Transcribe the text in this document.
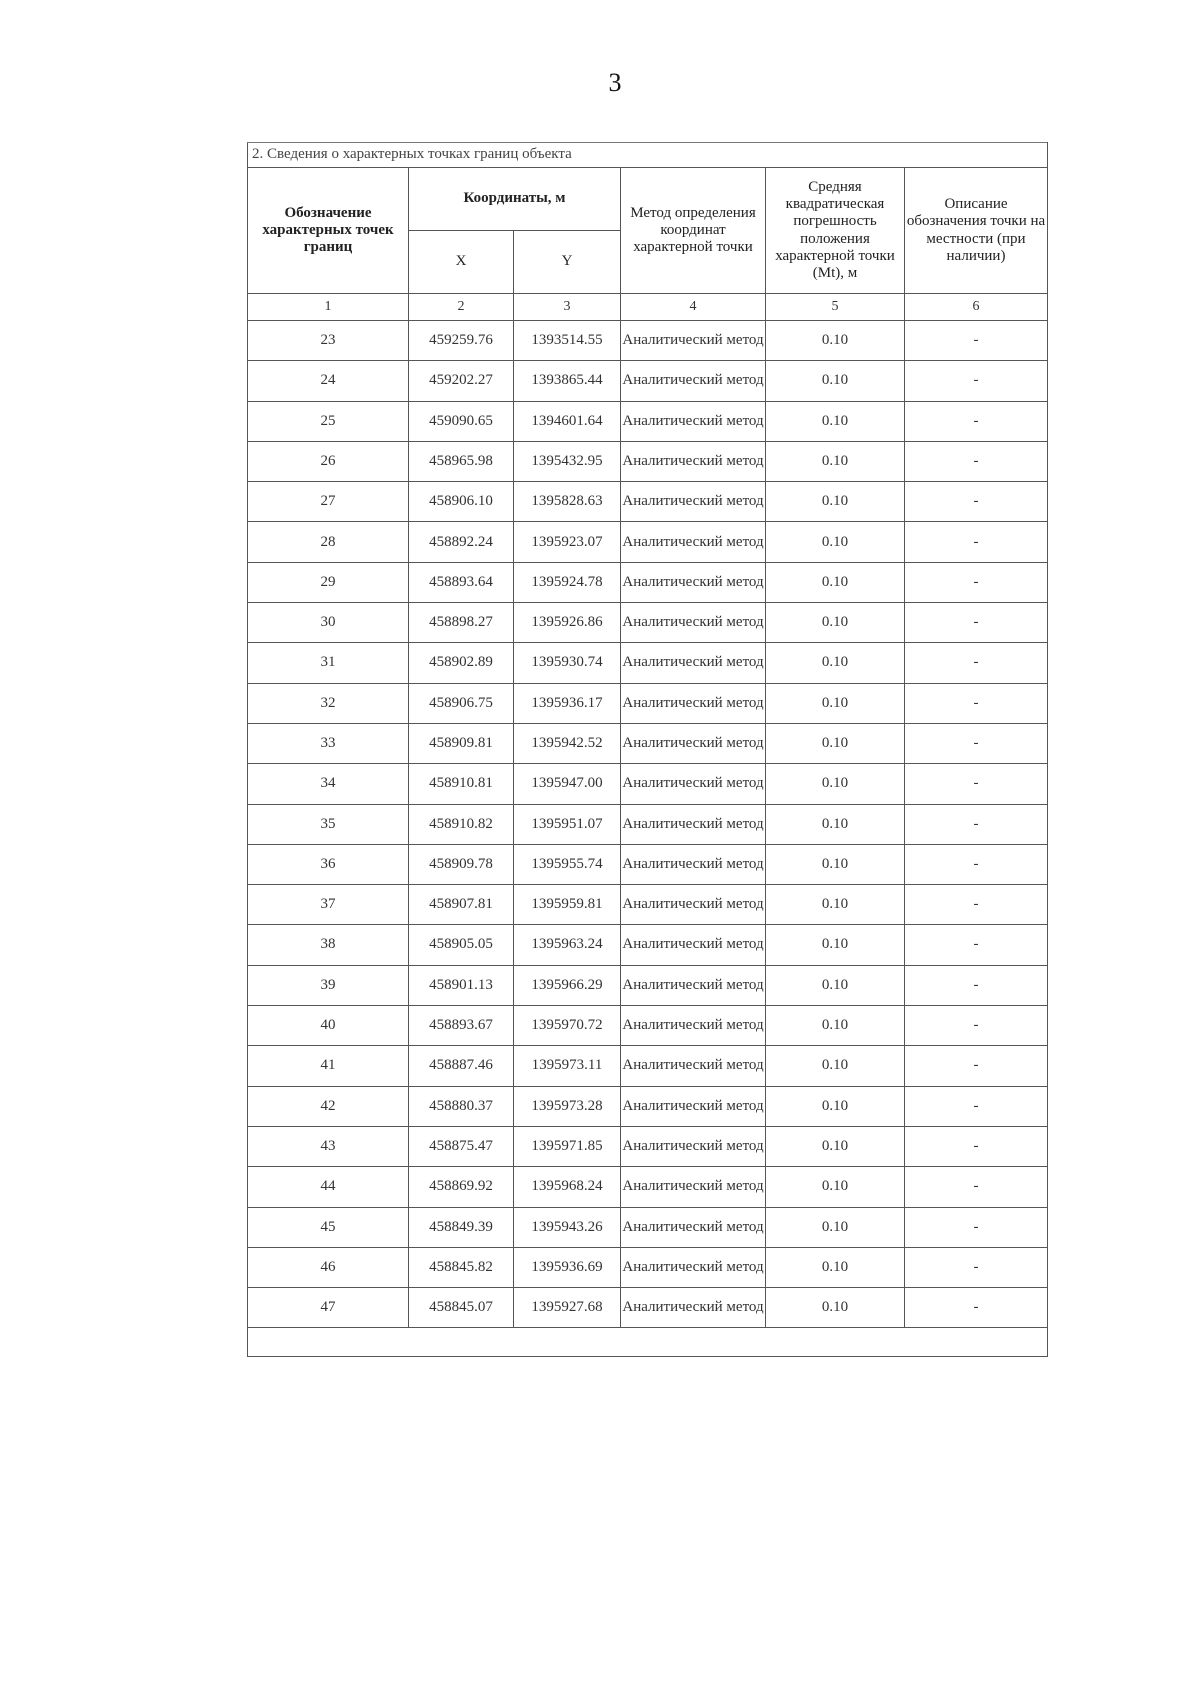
3
2. Сведения о характерных точках границ объекта					
Обозначение характерных точек границ	Координаты, м		Метод определения координат характерной точки	Средняя квадратическая погрешность положения характерной точки (Mt), м	Описание обозначения точки на местности (при наличии)
	X	Y			
1	2	3	4	5	6
23	459259.76	1393514.55	Аналитический метод	0.10	-
24	459202.27	1393865.44	Аналитический метод	0.10	-
25	459090.65	1394601.64	Аналитический метод	0.10	-
26	458965.98	1395432.95	Аналитический метод	0.10	-
27	458906.10	1395828.63	Аналитический метод	0.10	-
28	458892.24	1395923.07	Аналитический метод	0.10	-
29	458893.64	1395924.78	Аналитический метод	0.10	-
30	458898.27	1395926.86	Аналитический метод	0.10	-
31	458902.89	1395930.74	Аналитический метод	0.10	-
32	458906.75	1395936.17	Аналитический метод	0.10	-
33	458909.81	1395942.52	Аналитический метод	0.10	-
34	458910.81	1395947.00	Аналитический метод	0.10	-
35	458910.82	1395951.07	Аналитический метод	0.10	-
36	458909.78	1395955.74	Аналитический метод	0.10	-
37	458907.81	1395959.81	Аналитический метод	0.10	-
38	458905.05	1395963.24	Аналитический метод	0.10	-
39	458901.13	1395966.29	Аналитический метод	0.10	-
40	458893.67	1395970.72	Аналитический метод	0.10	-
41	458887.46	1395973.11	Аналитический метод	0.10	-
42	458880.37	1395973.28	Аналитический метод	0.10	-
43	458875.47	1395971.85	Аналитический метод	0.10	-
44	458869.92	1395968.24	Аналитический метод	0.10	-
45	458849.39	1395943.26	Аналитический метод	0.10	-
46	458845.82	1395936.69	Аналитический метод	0.10	-
47	458845.07	1395927.68	Аналитический метод	0.10	-
